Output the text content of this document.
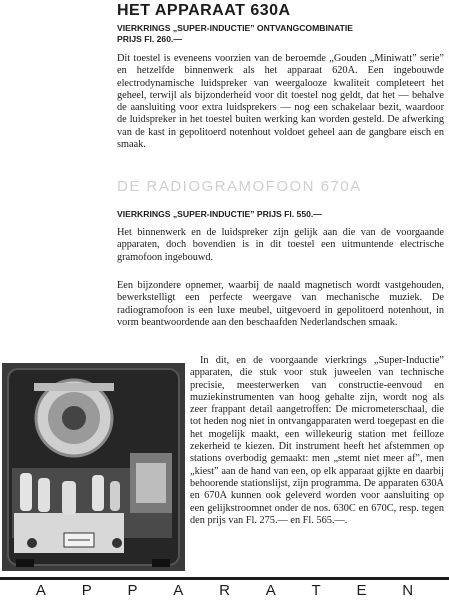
HET APPARAAT 630A
VIERKRINGS „SUPER-INDUCTIE” ONTVANGCOMBINATIE
PRIJS Fl. 260.—

Dit toestel is eveneens voorzien van de beroemde „Gouden „Miniwatt” serie” en hetzelfde binnenwerk als het apparaat 620A. Een ingebouwde electrodynamische luidspreker van weergalooze kwaliteit completeert het geheel, terwijl als bijzonderheid voor dit toestel nog geldt, dat het — behalve de aansluiting voor extra luidsprekers — nog een schakelaar bezit, waardoor de luidspreker in het toestel buiten werking kan worden gesteld. De afwerking van de kast in gepolitoerd notenhout voldoet geheel aan de gangbare eisch en smaak.

DE RADIOGRAMOFOON 670A
VIERKRINGS „SUPER-INDUCTIE” PRIJS Fl. 550.—

Het binnenwerk en de luidspreker zijn gelijk aan die van de voorgaande apparaten, doch bovendien is in dit toestel een uitmuntende electrische gramofoon ingebouwd.

Een bijzondere opnemer, waarbij de naald magnetisch wordt vastgehouden, bewerkstelligt een perfecte weergave van mechanische muziek. De radiogramofoon is een luxe meubel, uitgevoerd in gepolitoerd notenhout, in vorm beantwoordende aan den beschaafden Nederlandschen smaak.

In dit, en de voorgaande vierkrings „Super-Inductie” apparaten, die stuk voor stuk juweelen van technische precisie, meesterwerken van constructie-eenvoud en muziekinstrumenten van hoog gehalte zijn, wordt nog als zeer frappant detail aangetroffen: De micrometerschaal, die tot heden nog niet in ontvangapparaten werd toegepast en die het mogelijk maakt, een willekeurig station met feilloze zekerheid te kiezen. Dit instrument heeft het afstemmen op stations overbodig gemaakt: men „stemt niet meer af”, men „kiest” aan de hand van een, op elk apparaat gijkte en daarbij behoorende stationslijst, zijn programma. De apparaten 630A en 670A kunnen ook geleverd worden voor aansluiting op een gelijkstroomnet onder de nos. 630C en 670C, resp. tegen den prijs van Fl. 275.— en Fl. 565.—.

A P P A R A T E N
